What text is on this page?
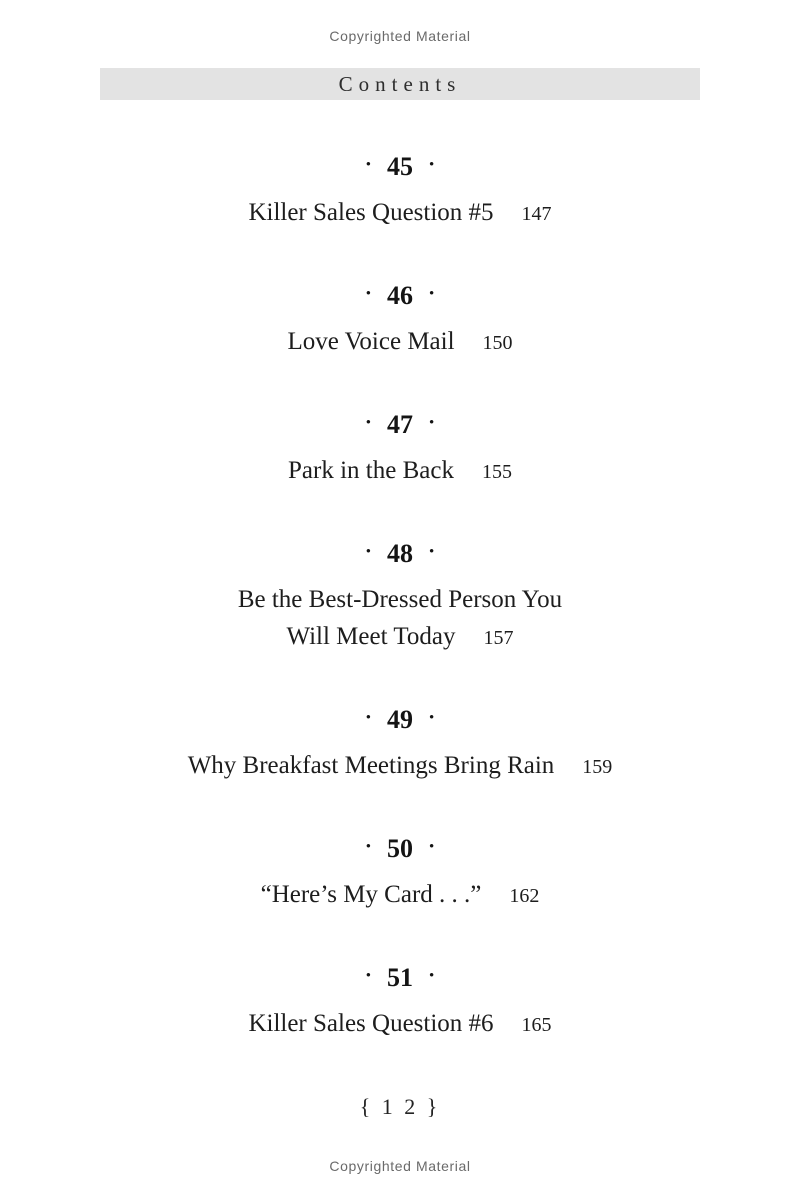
Copyrighted Material
Contents
• 45 •
Killer Sales Question #5 147
• 46 •
Love Voice Mail 150
• 47 •
Park in the Back 155
• 48 •
Be the Best-Dressed Person You
Will Meet Today 157
• 49 •
Why Breakfast Meetings Bring Rain 159
• 50 •
“Here’s My Card . . .” 162
• 51 •
Killer Sales Question #6 165
{ 1 2 }
Copyrighted Material
